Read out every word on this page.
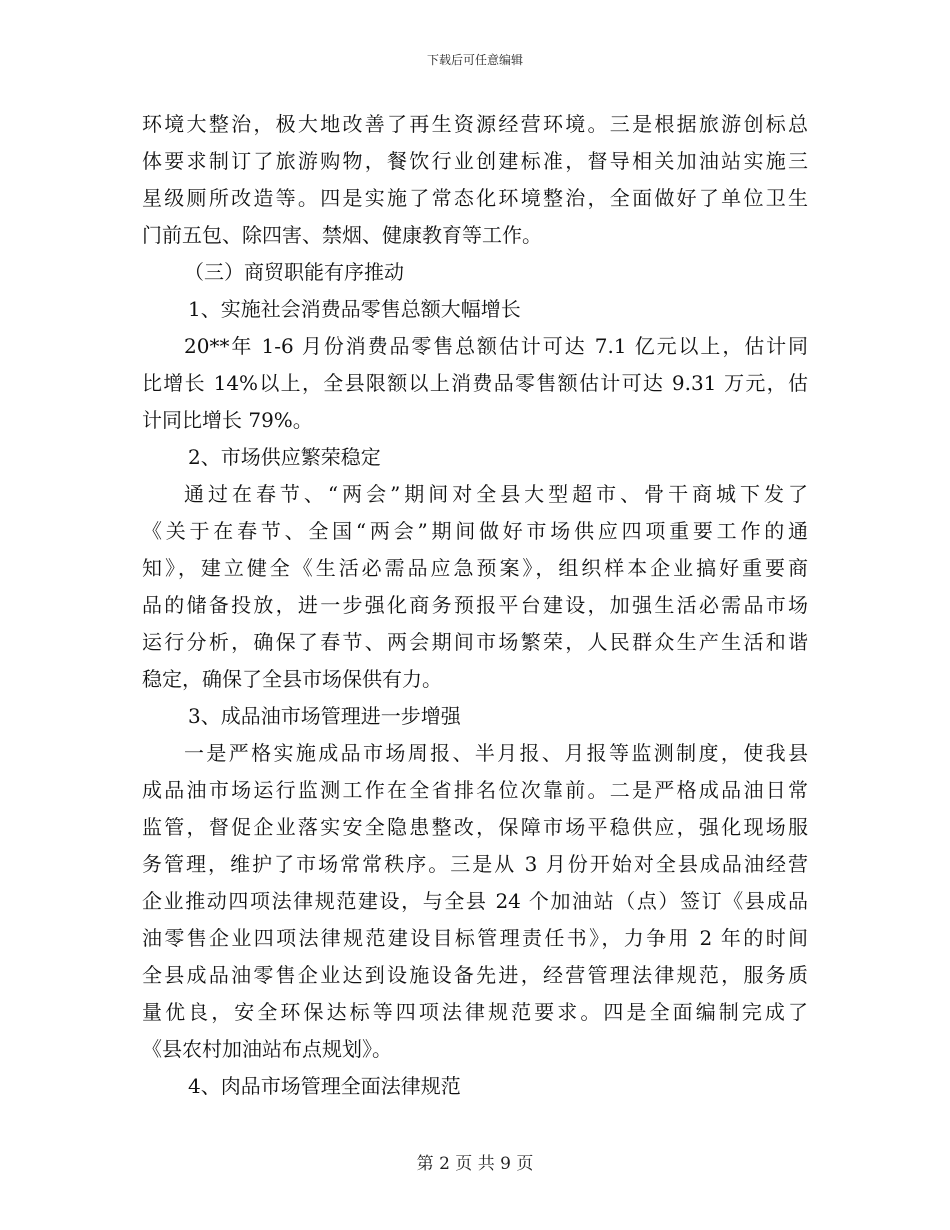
下载后可任意编辑
环境大整治，极大地改善了再生资源经营环境。三是根据旅游创标总
体要求制订了旅游购物，餐饮行业创建标准，督导相关加油站实施三
星级厕所改造等。四是实施了常态化环境整治，全面做好了单位卫生
门前五包、除四害、禁烟、健康教育等工作。
（三）商贸职能有序推动
1、实施社会消费品零售总额大幅增长
20**年 1-6 月份消费品零售总额估计可达 7.1 亿元以上，估计同
比增长 14%以上，全县限额以上消费品零售额估计可达 9.31 万元，估
计同比增长 79%。
2、市场供应繁荣稳定
通过在春节、“两会”期间对全县大型超市、骨干商城下发了
《关于在春节、全国“两会”期间做好市场供应四项重要工作的通
知》，建立健全《生活必需品应急预案》，组织样本企业搞好重要商
品的储备投放，进一步强化商务预报平台建设，加强生活必需品市场
运行分析，确保了春节、两会期间市场繁荣，人民群众生产生活和谐
稳定，确保了全县市场保供有力。
3、成品油市场管理进一步增强
一是严格实施成品市场周报、半月报、月报等监测制度，使我县
成品油市场运行监测工作在全省排名位次靠前。二是严格成品油日常
监管，督促企业落实安全隐患整改，保障市场平稳供应，强化现场服
务管理，维护了市场常常秩序。三是从 3 月份开始对全县成品油经营
企业推动四项法律规范建设，与全县 24 个加油站（点）签订《县成品
油零售企业四项法律规范建设目标管理责任书》，力争用 2 年的时间
全县成品油零售企业达到设施设备先进，经营管理法律规范，服务质
量优良，安全环保达标等四项法律规范要求。四是全面编制完成了
《县农村加油站布点规划》。
4、肉品市场管理全面法律规范
第 2 页 共 9 页
